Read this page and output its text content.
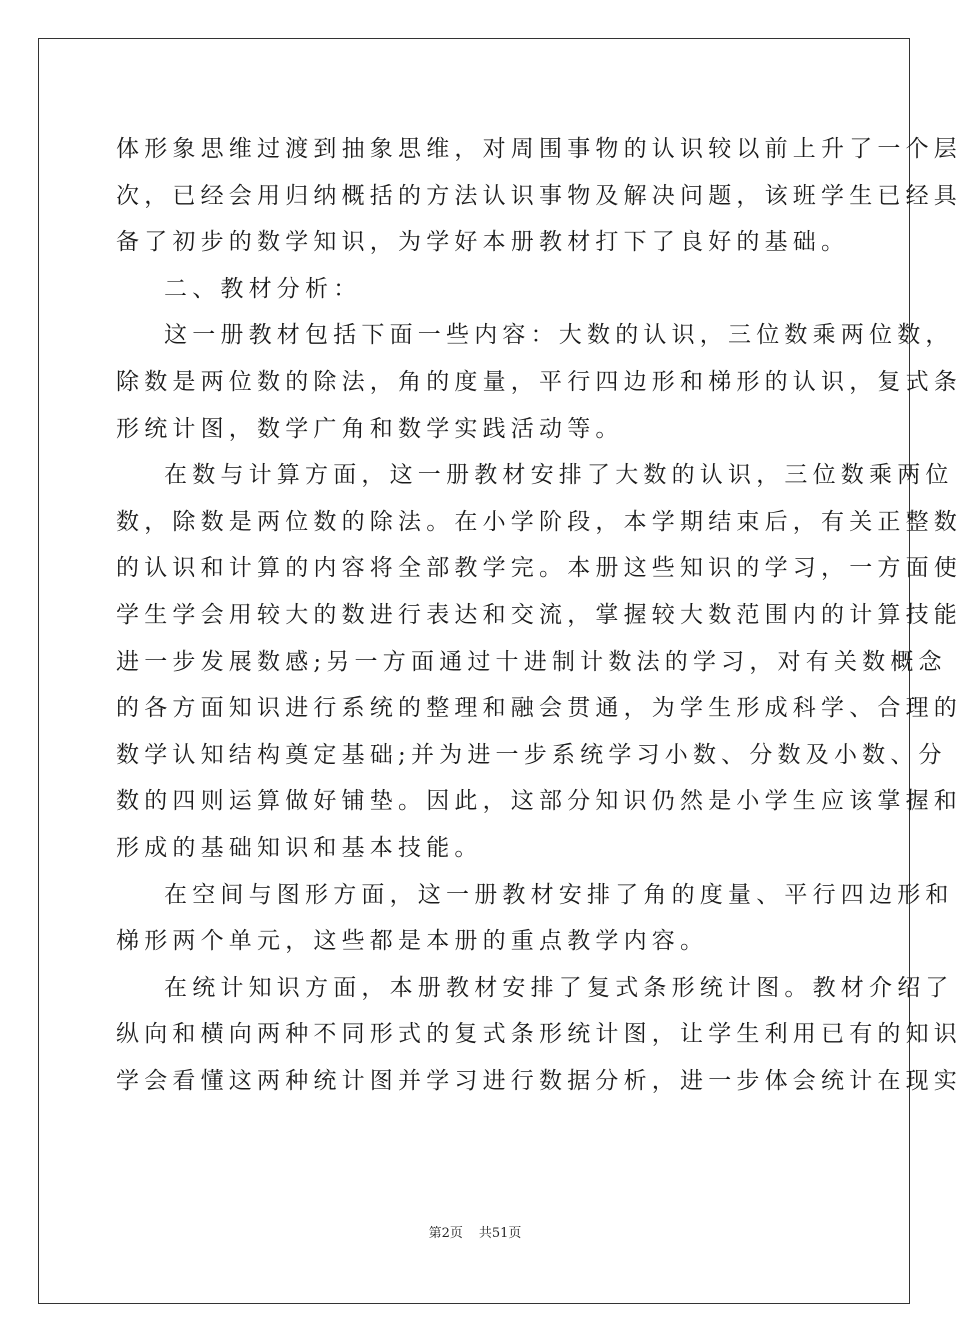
体形象思维过渡到抽象思维，对周围事物的认识较以前上升了一个层
次，已经会用归纳概括的方法认识事物及解决问题，该班学生已经具
备了初步的数学知识，为学好本册教材打下了良好的基础。
二、教材分析：
这一册教材包括下面一些内容：大数的认识，三位数乘两位数，
除数是两位数的除法，角的度量，平行四边形和梯形的认识，复式条
形统计图，数学广角和数学实践活动等。
在数与计算方面，这一册教材安排了大数的认识，三位数乘两位
数，除数是两位数的除法。在小学阶段，本学期结束后，有关正整数
的认识和计算的内容将全部教学完。本册这些知识的学习，一方面使
学生学会用较大的数进行表达和交流，掌握较大数范围内的计算技能
进一步发展数感;另一方面通过十进制计数法的学习，对有关数概念
的各方面知识进行系统的整理和融会贯通，为学生形成科学、合理的
数学认知结构奠定基础;并为进一步系统学习小数、分数及小数、分
数的四则运算做好铺垫。因此，这部分知识仍然是小学生应该掌握和
形成的基础知识和基本技能。
在空间与图形方面，这一册教材安排了角的度量、平行四边形和
梯形两个单元，这些都是本册的重点教学内容。
在统计知识方面，本册教材安排了复式条形统计图。教材介绍了
纵向和横向两种不同形式的复式条形统计图，让学生利用已有的知识
学会看懂这两种统计图并学习进行数据分析，进一步体会统计在现实
第2页 共51页
